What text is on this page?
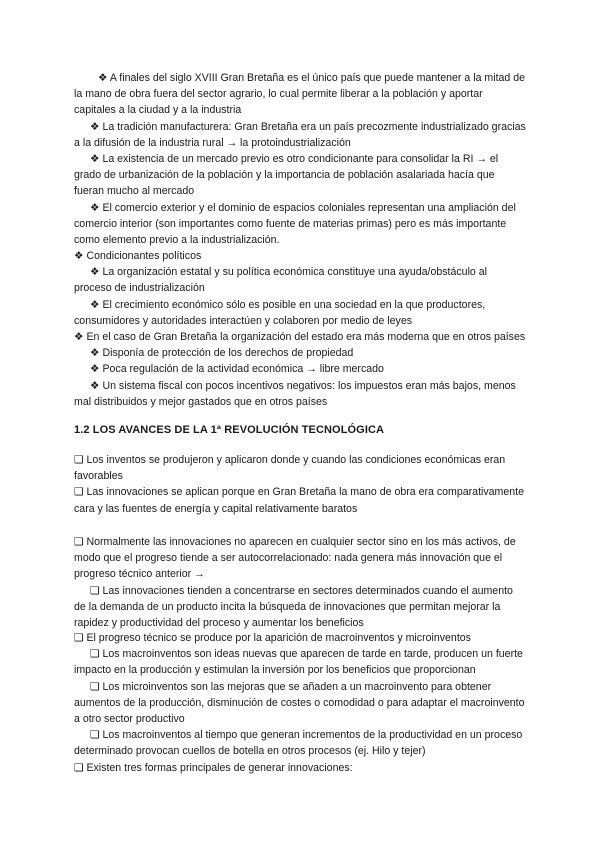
❖ A finales del siglo XVIII Gran Bretaña es el único país que puede mantener a la mitad de la mano de obra fuera del sector agrario, lo cual permite liberar a la población y aportar capitales a la ciudad y a la industria

❖ La tradición manufacturera: Gran Bretaña era un país precozmente industrializado gracias a la difusión de la industria rural → la protoindustrialización

❖ La existencia de un mercado previo es otro condicionante para consolidar la RI → el grado de urbanización de la población y la importancia de población asalariada hacía que fueran mucho al mercado

❖ El comercio exterior y el dominio de espacios coloniales representan una ampliación del comercio interior (son importantes como fuente de materias primas) pero es más importante como elemento previo a la industrialización.

❖ Condicionantes políticos

❖ La organización estatal y su política económica constituye una ayuda/obstáculo al proceso de industrialización

❖ El crecimiento económico sólo es posible en una sociedad en la que productores, consumidores y autoridades interactúen y colaboren por medio de leyes

❖ En el caso de Gran Bretaña la organización del estado era más moderna que en otros países

❖ Disponía de protección de los derechos de propiedad

❖ Poca regulación de la actividad económica → libre mercado

❖ Un sistema fiscal con pocos incentivos negativos: los impuestos eran más bajos, menos mal distribuidos y mejor gastados que en otros países

1.2 LOS AVANCES DE LA 1ª REVOLUCIÓN TECNOLÓGICA

❏ Los inventos se produjeron y aplicaron donde y cuando las condiciones económicas eran favorables

❏ Las innovaciones se aplican porque en Gran Bretaña la mano de obra era comparativamente cara y las fuentes de energía y capital relativamente baratos

❏ Normalmente las innovaciones no aparecen en cualquier sector sino en los más activos, de modo que el progreso tiende a ser autocorrelacionado: nada genera más innovación que el progreso técnico anterior →

❏ Las innovaciones tienden a concentrarse en sectores determinados cuando el aumento de la demanda de un producto incita la búsqueda de innovaciones que permitan mejorar la rapidez y productividad del proceso y aumentar los beneficios

❏ El progreso técnico se produce por la aparición de macroinventos y microinventos

❏ Los macroinventos son ideas nuevas que aparecen de tarde en tarde, producen un fuerte impacto en la producción y estimulan la inversión por los beneficios que proporcionan

❏ Los microinventos son las mejoras que se añaden a un macroinvento para obtener aumentos de la producción, disminución de costes o comodidad o para adaptar el macroinvento a otro sector productivo

❏ Los macroinventos al tiempo que generan incrementos de la productividad en un proceso determinado provocan cuellos de botella en otros procesos (ej. Hilo y tejer)

❏ Existen tres formas principales de generar innovaciones:
